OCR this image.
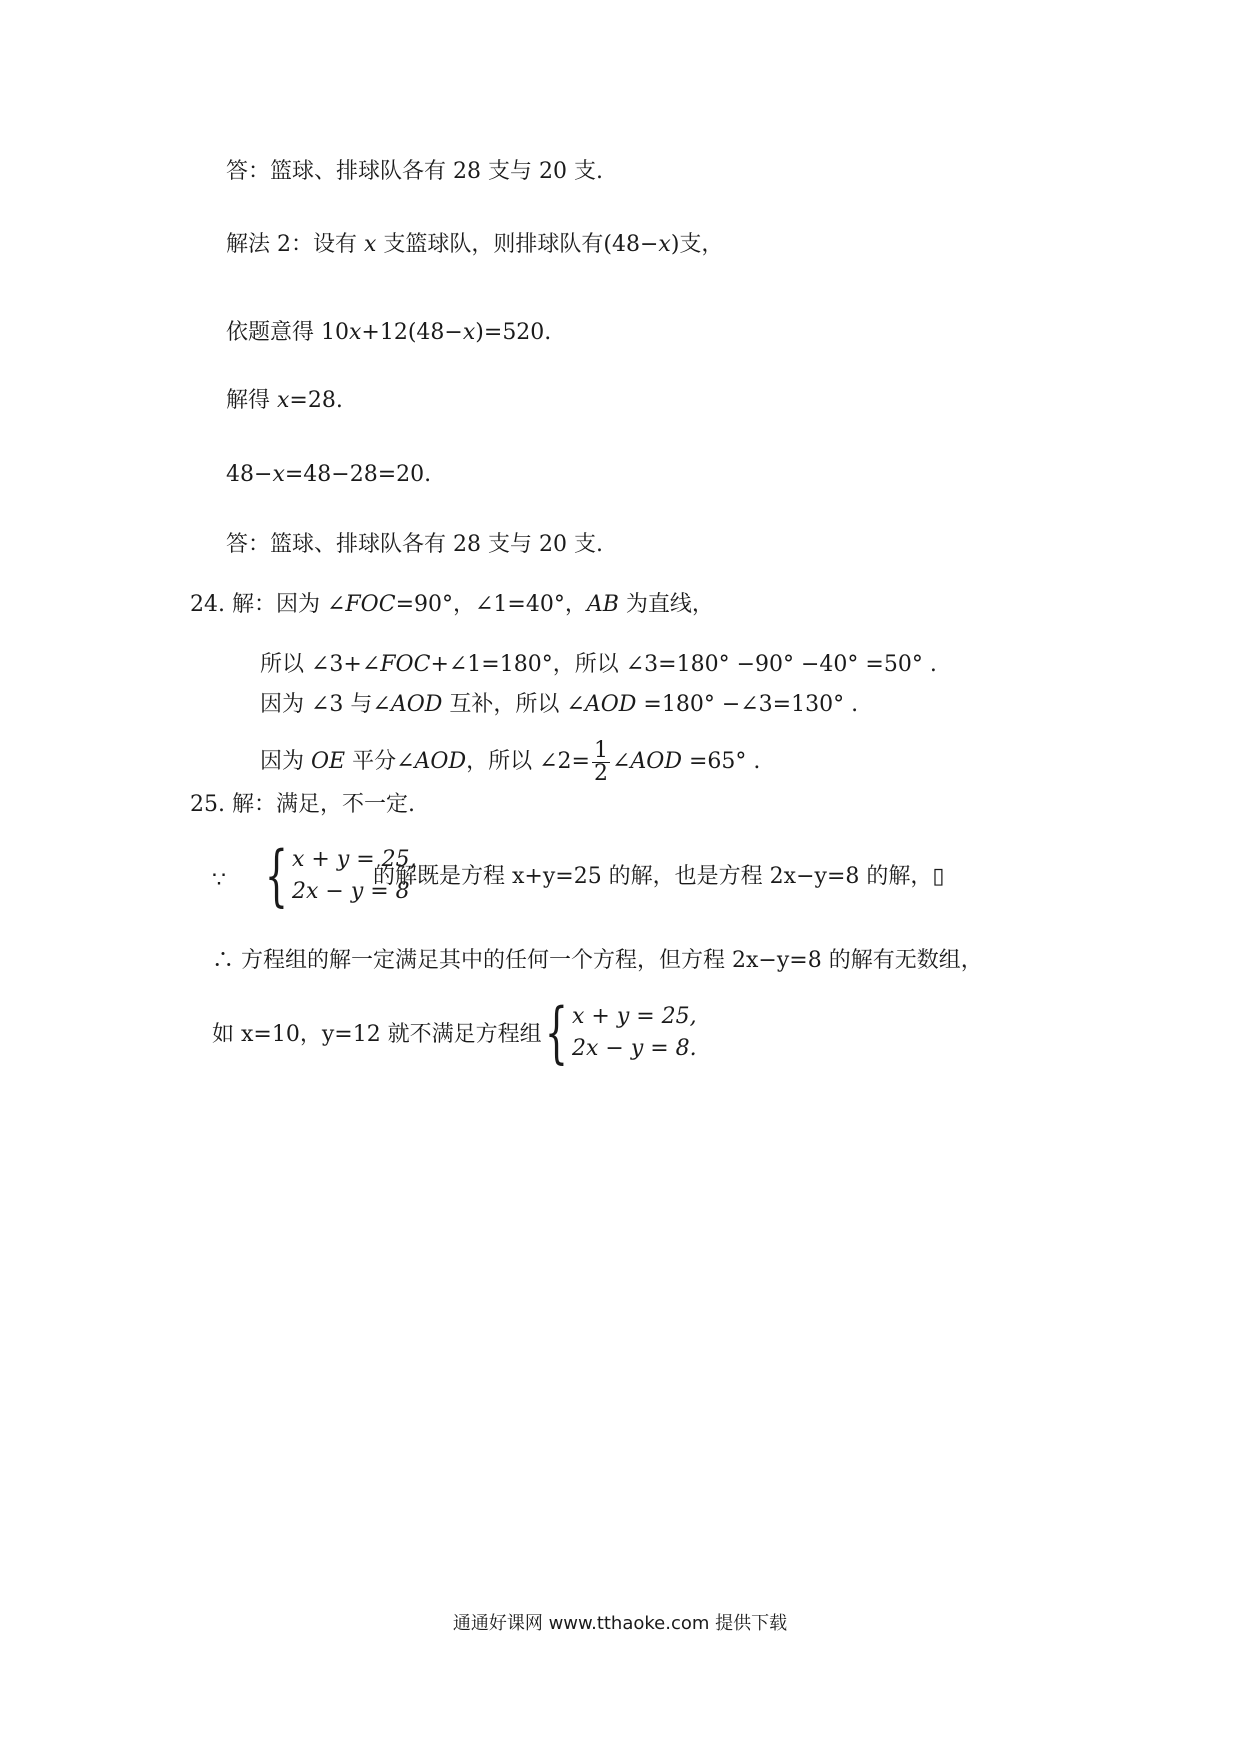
答：篮球、排球队各有 28 支与 20 支.
解法 2：设有 x 支篮球队，则排球队有(48−x)支，
依题意得 10x+12(48−x)=520.
解得 x=28.
48−x=48−28=20.
答：篮球、排球队各有 28 支与 20 支.
24. 解：因为 ∠FOC=90°，∠1=40°，AB 为直线，
所以 ∠3+∠FOC+∠1=180°，所以 ∠3=180° −90° −40° =50° .
因为 ∠3 与∠AOD 互补，所以 ∠AOD =180° −∠3=130° .
因为 OE 平分∠AOD，所以 ∠2= $\frac{1}{2}$ ∠AOD =65° .
25. 解：满足，不一定.
∵ { x + y = 25,
2x − y = 8
的解既是方程 x+y=25 的解，也是方程 2x−y=8 的解，▯
∴ 方程组的解一定满足其中的任何一个方程，但方程 2x−y=8 的解有无数组，
如 x=10，y=12 就不满足方程组 { x + y = 25,
2x − y = 8.
通通好课网 www.tthaoke.com 提供下载
